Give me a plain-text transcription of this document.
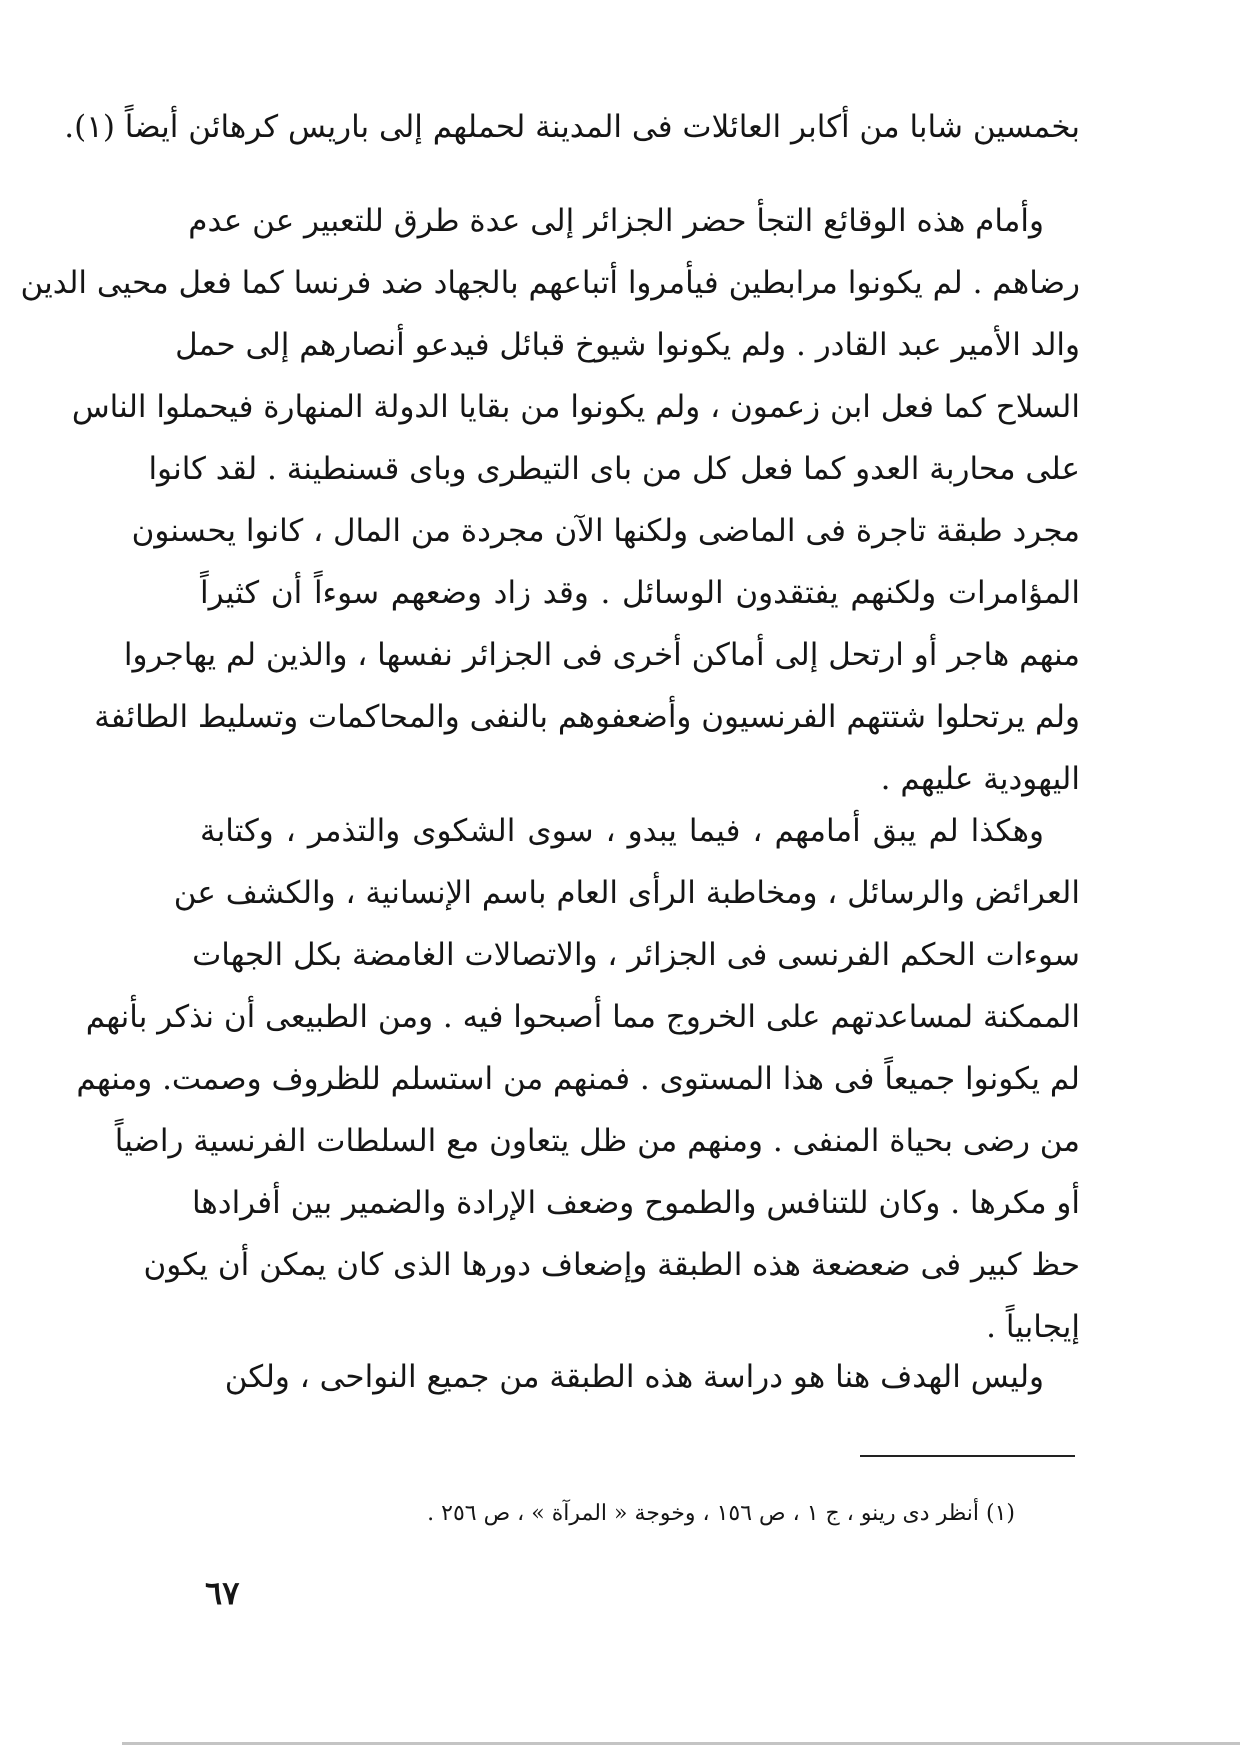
بخمسين شابا من أكابر العائلات فى المدينة لحملهم إلى باريس كرهائن أيضاً (١).
وأمام هذه الوقائع التجأ حضر الجزائر إلى عدة طرق للتعبير عن عدم
رضاهم . لم يكونوا مرابطين فيأمروا أتباعهم بالجهاد ضد فرنسا كما فعل محيى الدين
والد الأمير عبد القادر . ولم يكونوا شيوخ قبائل فيدعو أنصارهم إلى حمل
السلاح كما فعل ابن زعمون ، ولم يكونوا من بقايا الدولة المنهارة فيحملوا الناس
على محاربة العدو كما فعل كل من باى التيطرى وباى قسنطينة . لقد كانوا
مجرد طبقة تاجرة فى الماضى ولكنها الآن مجردة من المال ، كانوا يحسنون
المؤامرات ولكنهم يفتقدون الوسائل . وقد زاد وضعهم سوءاً أن كثيراً
منهم هاجر أو ارتحل إلى أماكن أخرى فى الجزائر نفسها ، والذين لم يهاجروا
ولم يرتحلوا شتتهم الفرنسيون وأضعفوهم بالنفى والمحاكمات وتسليط الطائفة
اليهودية عليهم .
وهكذا لم يبق أمامهم ، فيما يبدو ، سوى الشكوى والتذمر ، وكتابة
العرائض والرسائل ، ومخاطبة الرأى العام باسم الإنسانية ، والكشف عن
سوءات الحكم الفرنسى فى الجزائر ، والاتصالات الغامضة بكل الجهات
الممكنة لمساعدتهم على الخروج مما أصبحوا فيه . ومن الطبيعى أن نذكر بأنهم
لم يكونوا جميعاً فى هذا المستوى . فمنهم من استسلم للظروف وصمت. ومنهم
من رضى بحياة المنفى . ومنهم من ظل يتعاون مع السلطات الفرنسية راضياً
أو مكرها . وكان للتنافس والطموح وضعف الإرادة والضمير بين أفرادها
حظ كبير فى ضعضعة هذه الطبقة وإضعاف دورها الذى كان يمكن أن يكون
إيجابياً .
وليس الهدف هنا هو دراسة هذه الطبقة من جميع النواحى ، ولكن
(١) أنظر دى رينو ، ج ١ ، ص ١٥٦ ، وخوجة « المرآة » ، ص ٢٥٦ .
٦٧
